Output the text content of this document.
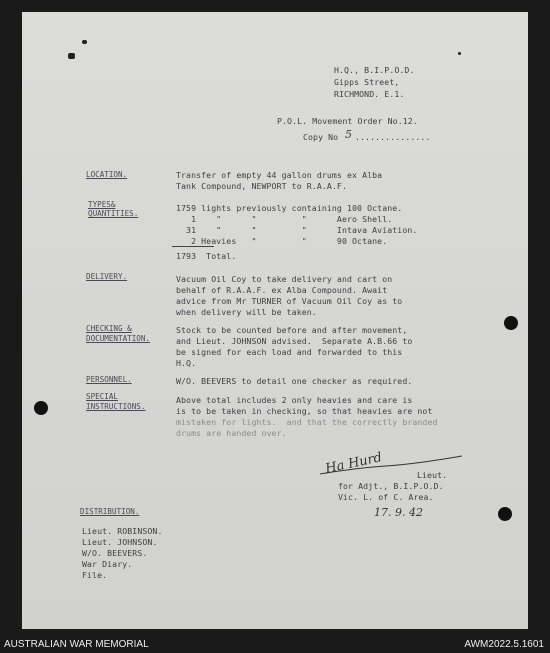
H.Q., B.I.P.O.D.
Gipps Street,
RICHMOND. E.1.
P.O.L. Movement Order No.12.
Copy No 5 ...............
LOCATION.	Transfer of empty 44 gallon drums ex Alba
Tank Compound, NEWPORT to R.A.A.F.
TYPES&
QUANTITIES.
1759 lights previously containing 100 Octane.
1    "      "         "      Aero Shell.
31    "      "         "      Intava Aviation.
2 Heavies   "         "      90 Octane.
1793  Total.
DELIVERY.	Vacuum Oil Coy to take delivery and cart on
behalf of R.A.A.F. ex Alba Compound. Await
advice from Mr TURNER of Vacuum Oil Coy as to
when delivery will be taken.
CHECKING &
DOCUMENTATION.
Stock to be counted before and after movement,
and Lieut. JOHNSON advised.  Separate A.B.66 to
be signed for each load and forwarded to this
H.Q.
PERSONNEL.	W/O. BEEVERS to detail one checker as required.
SPECIAL
INSTRUCTIONS.
Above total includes 2 only heavies and care is
is to be taken in checking, so that heavies are not
mistaken for lights.  and that the correctly branded
drums are handed over.
Ha Hurd	Lieut.
for Adjt., B.I.P.O.D.
Vic. L. of C. Area.
17. 9. 42
DISTRIBUTION.
Lieut. ROBINSON.
Lieut. JOHNSON.
W/O. BEEVERS.
War Diary.
File.
AUSTRALIAN WAR MEMORIAL	AWM2022.5.1601
